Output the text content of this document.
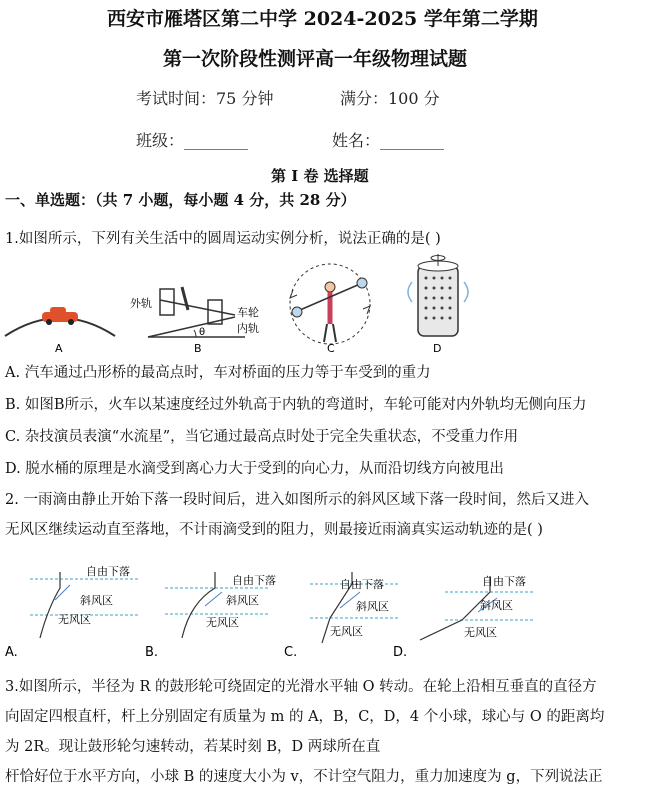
西安市雁塔区第二中学 2024-2025 学年第二学期
第一次阶段性测评高一年级物理试题
考试时间：75 分钟	满分：100 分
班级：________	姓名：________
第 I 卷 选择题
一、单选题：（共 7 小题，每小题 4 分，共 28 分）
1.如图所示，下列有关生活中的圆周运动实例分析，说法正确的是( )
A
外轨
车轮
内轨
θ
B	C	D
A. 汽车通过凸形桥的最高点时，车对桥面的压力等于车受到的重力
B. 如图B所示，火车以某速度经过外轨高于内轨的弯道时，车轮可能对内外轨均无侧向压力
C. 杂技演员表演“水流星”，当它通过最高点时处于完全失重状态，不受重力作用
D. 脱水桶的原理是水滴受到离心力大于受到的向心力，从而沿切线方向被甩出
2. 一雨滴由静止开始下落一段时间后，进入如图所示的斜风区域下落一段时间，然后又进入
无风区继续运动直至落地，不计雨滴受到的阻力，则最接近雨滴真实运动轨迹的是( )
自由下落
斜风区
无风区
A.
自由下落
斜风区
无风区
B.
自由下落
斜风区
无风区
C.
自由下落
斜风区
无风区
D.
3.如图所示，半径为 R 的鼓形轮可绕固定的光滑水平轴 O 转动。在轮上沿相互垂直的直径方
向固定四根直杆，杆上分别固定有质量为 m 的 A，B，C，D，4 个小球，球心与 O 的距离均
为 2R。现让鼓形轮匀速转动，若某时刻 B，D 两球所在直
杆恰好位于水平方向，小球 B 的速度大小为 v，不计空气阻力，重力加速度为 g，下列说法正
